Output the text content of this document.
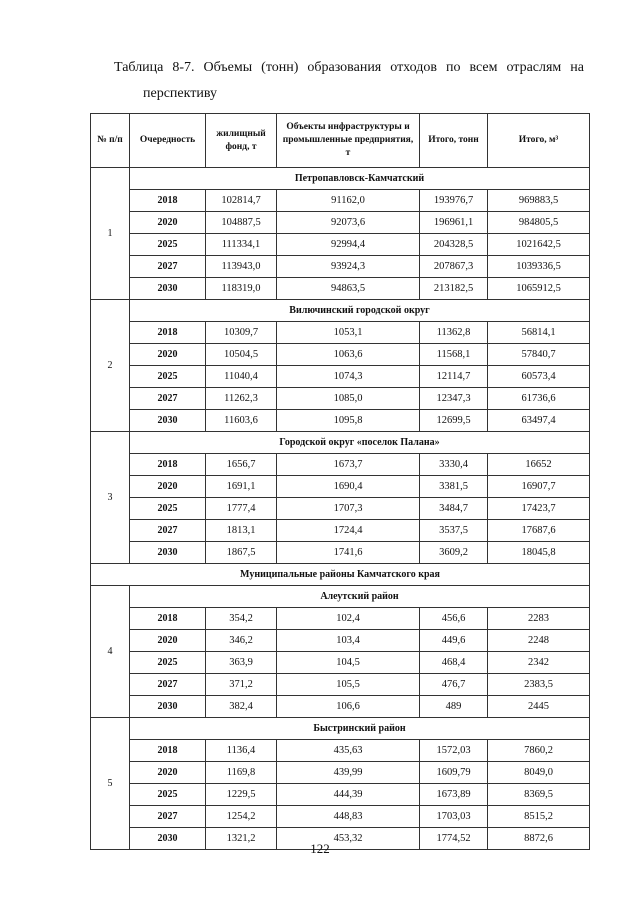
Таблица 8-7. Объемы (тонн) образования отходов по всем отраслям на
перспективу
№ п/п	Очередность	жилищный фонд, т	Объекты инфраструктуры и промышленные предприятия, т	Итого, тонн	Итого, м³
1	Петропавловск-Камчатский				
	2018	102814,7	91162,0	193976,7	969883,5
	2020	104887,5	92073,6	196961,1	984805,5
	2025	111334,1	92994,4	204328,5	1021642,5
	2027	113943,0	93924,3	207867,3	1039336,5
	2030	118319,0	94863,5	213182,5	1065912,5
2	Вилючинский городской округ				
	2018	10309,7	1053,1	11362,8	56814,1
	2020	10504,5	1063,6	11568,1	57840,7
	2025	11040,4	1074,3	12114,7	60573,4
	2027	11262,3	1085,0	12347,3	61736,6
	2030	11603,6	1095,8	12699,5	63497,4
3	Городской округ «поселок Палана»				
	2018	1656,7	1673,7	3330,4	16652
	2020	1691,1	1690,4	3381,5	16907,7
	2025	1777,4	1707,3	3484,7	17423,7
	2027	1813,1	1724,4	3537,5	17687,6
	2030	1867,5	1741,6	3609,2	18045,8
Муниципальные районы Камчатского края					
4	Алеутский район				
	2018	354,2	102,4	456,6	2283
	2020	346,2	103,4	449,6	2248
	2025	363,9	104,5	468,4	2342
	2027	371,2	105,5	476,7	2383,5
	2030	382,4	106,6	489	2445
5	Быстринский район				
	2018	1136,4	435,63	1572,03	7860,2
	2020	1169,8	439,99	1609,79	8049,0
	2025	1229,5	444,39	1673,89	8369,5
	2027	1254,2	448,83	1703,03	8515,2
	2030	1321,2	453,32	1774,52	8872,6
122
